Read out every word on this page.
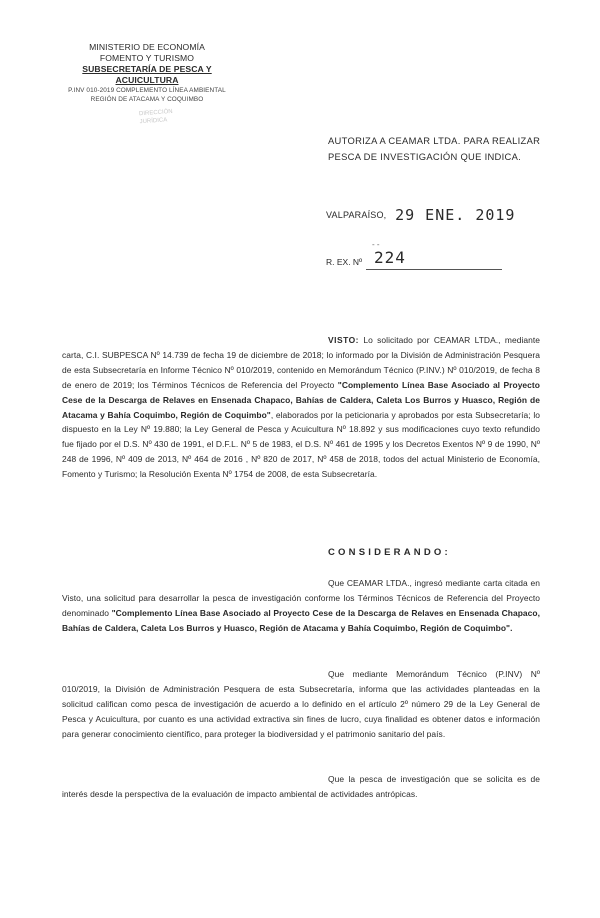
MINISTERIO DE ECONOMÍA
FOMENTO Y TURISMO
SUBSECRETARÍA DE PESCA Y ACUICULTURA
P.INV 010-2019 COMPLEMENTO LÍNEA AMBIENTAL
REGIÓN DE ATACAMA Y COQUIMBO
DIRECCIÓN
JURÍDICA
AUTORIZA A CEAMAR LTDA. PARA REALIZAR
PESCA DE INVESTIGACIÓN QUE INDICA.
VALPARAÍSO, 29 ENE. 2019
- -
R. EX. Nº 224
VISTO: Lo solicitado por CEAMAR LTDA., mediante carta, C.I. SUBPESCA Nº 14.739 de fecha 19 de diciembre de 2018; lo informado por la División de Administración Pesquera de esta Subsecretaría en Informe Técnico Nº 010/2019, contenido en Memorándum Técnico (P.INV.) Nº 010/2019, de fecha 8 de enero de 2019; los Términos Técnicos de Referencia del Proyecto "Complemento Línea Base Asociado al Proyecto Cese de la Descarga de Relaves en Ensenada Chapaco, Bahías de Caldera, Caleta Los Burros y Huasco, Región de Atacama y Bahía Coquimbo, Región de Coquimbo", elaborados por la peticionaria y aprobados por esta Subsecretaría; lo dispuesto en la Ley Nº 19.880; la Ley General de Pesca y Acuicultura Nº 18.892 y sus modificaciones cuyo texto refundido fue fijado por el D.S. Nº 430 de 1991, el D.F.L. Nº 5 de 1983, el D.S. Nº 461 de 1995 y los Decretos Exentos Nº 9 de 1990, Nº 248 de 1996, Nº 409 de 2013, Nº 464 de 2016 , Nº 820 de 2017, Nº 458 de 2018, todos del actual Ministerio de Economía, Fomento y Turismo; la Resolución Exenta Nº 1754 de 2008, de esta Subsecretaría.
CONSIDERANDO:
Que CEAMAR LTDA., ingresó mediante carta citada en Visto, una solicitud para desarrollar la pesca de investigación conforme los Términos Técnicos de Referencia del Proyecto denominado "Complemento Línea Base Asociado al Proyecto Cese de la Descarga de Relaves en Ensenada Chapaco, Bahías de Caldera, Caleta Los Burros y Huasco, Región de Atacama y Bahía Coquimbo, Región de Coquimbo".
Que mediante Memorándum Técnico (P.INV) Nº 010/2019, la División de Administración Pesquera de esta Subsecretaría, informa que las actividades planteadas en la solicitud califican como pesca de investigación de acuerdo a lo definido en el artículo 2º número 29 de la Ley General de Pesca y Acuicultura, por cuanto es una actividad extractiva sin fines de lucro, cuya finalidad es obtener datos e información para generar conocimiento científico, para proteger la biodiversidad y el patrimonio sanitario del país.
Que la pesca de investigación que se solicita es de interés desde la perspectiva de la evaluación de impacto ambiental de actividades antrópicas.
